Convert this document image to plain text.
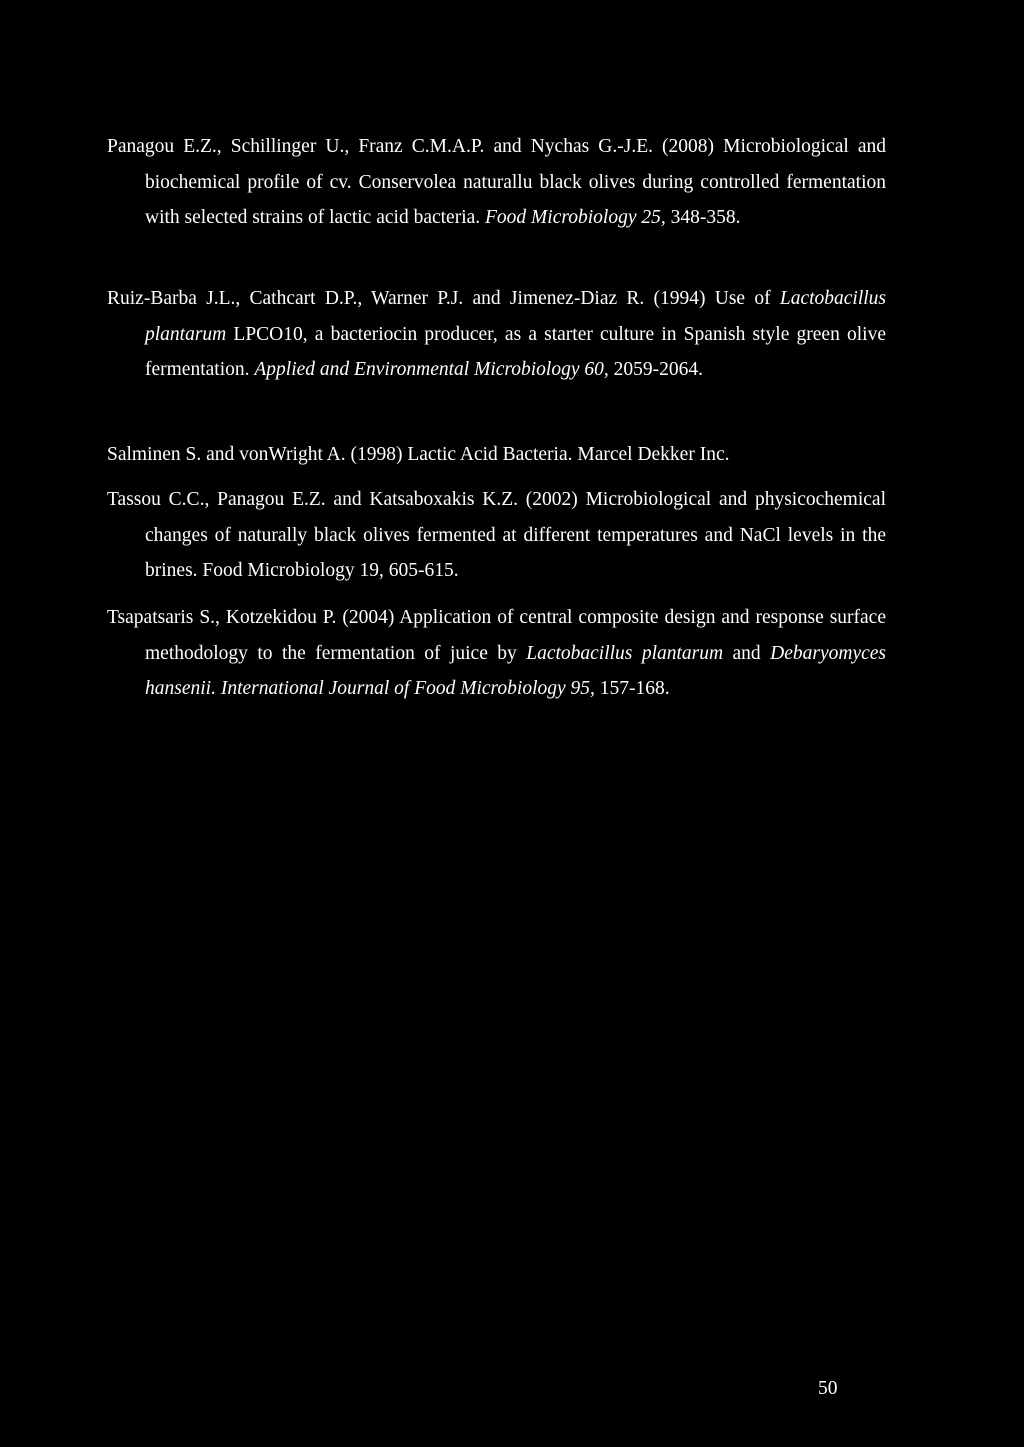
Panagou E.Z., Schillinger U., Franz C.M.A.P. and Nychas G.-J.E. (2008) Microbiological and biochemical profile of cv. Conservolea naturallu black olives during controlled fermentation with selected strains of lactic acid bacteria. Food Microbiology 25, 348-358.

Ruiz-Barba J.L., Cathcart D.P., Warner P.J. and Jimenez-Diaz R. (1994) Use of Lactobacillus plantarum LPCO10, a bacteriocin producer, as a starter culture in Spanish style green olive fermentation. Applied and Environmental Microbiology 60, 2059-2064.

Salminen S. and vonWright A. (1998) Lactic Acid Bacteria. Marcel Dekker Inc.

Tassou C.C., Panagou E.Z. and Katsaboxakis K.Z. (2002) Microbiological and physicochemical changes of naturally black olives fermented at different temperatures and NaCl levels in the brines. Food Microbiology 19, 605-615.

Tsapatsaris S., Kotzekidou P. (2004) Application of central composite design and response surface methodology to the fermentation of juice by Lactobacillus plantarum and Debaryomyces hansenii. International Journal of Food Microbiology 95, 157-168.

50
